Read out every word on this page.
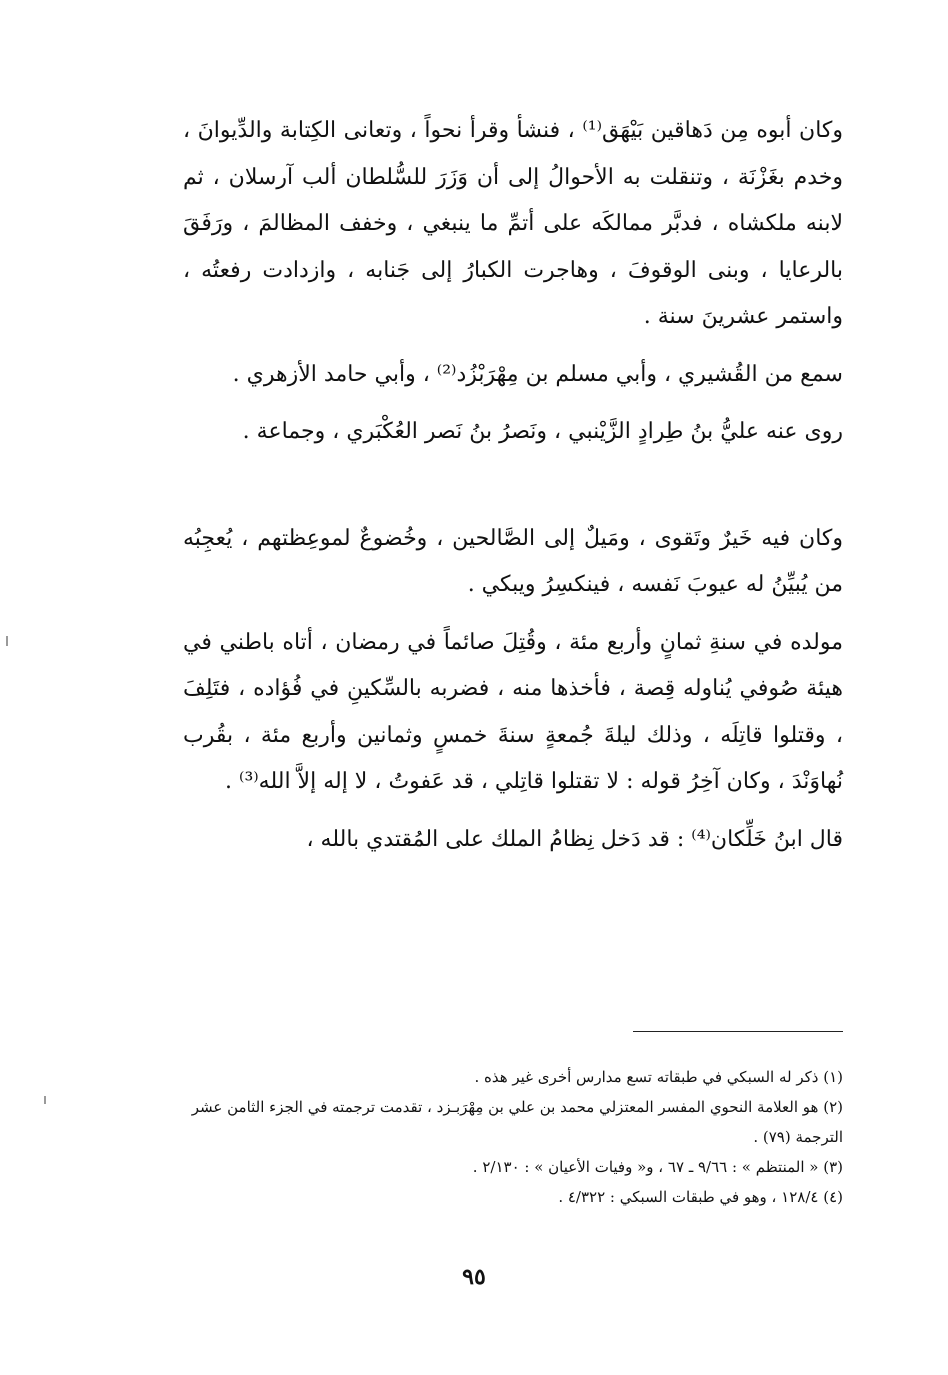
وكان أبوه مِن دَهاقين بَيْهَق⁽¹⁾ ، فنشأ وقرأ نحواً ، وتعانى الكِتابة والدِّيوانَ ، وخدم بغَزْنَة ، وتنقلت به الأحوالُ إلى أن وَزَرَ للسُّلطان ألب آرسلان ، ثم لابنه ملكشاه ، فدبَّر ممالكَه على أتمِّ ما ينبغي ، وخفف المظالمَ ، ورَفَقَ بالرعايا ، وبنى الوقوفَ ، وهاجرت الكبارُ إلى جَنابه ، وازدادت رفعتُه ، واستمر عشرينَ سنة .

سمع من القُشيري ، وأبي مسلم بن مِهْرَبْزُد⁽²⁾ ، وأبي حامد الأزهري .

روى عنه عليُّ بنُ طِرادٍ الزَّيْنبي ، ونَصرُ بنُ نَصر العُكْبَري ، وجماعة .

وكان فيه خَيرٌ وتَقوى ، ومَيلٌ إلى الصَّالحين ، وخُضوعٌ لموعِظتهم ، يُعجِبُه من يُبيِّنُ له عيوبَ نَفسه ، فينكسِرُ ويبكي .

مولده في سنةِ ثمانٍ وأربع مئة ، وقُتِلَ صائماً في رمضان ، أتاه باطني في هيئة صُوفي يُناوله قِصة ، فأخذها منه ، فضربه بالسِّكينِ في فُؤاده ، فتَلِفَ ، وقتلوا قاتِلَه ، وذلك ليلةَ جُمعةٍ سنةَ خمسٍ وثمانين وأربع مئة ، بقُرب نُهاوَنْدَ ، وكان آخِرُ قوله : لا تقتلوا قاتِلي ، قد عَفوتُ ، لا إله إلاَّ الله⁽³⁾ .

قال ابنُ خَلِّكان⁽⁴⁾ : قد دَخل نِظامُ الملك على المُقتدي بالله ،

(١) ذكر له السبكي في طبقاته تسع مدارس أخرى غير هذه .

(٢) هو العلامة النحوي المفسر المعتزلي محمد بن علي بن مِهْرَبـزد ، تقدمت ترجمته في الجزء الثامن عشر الترجمة (٧٩) .

(٣) « المنتظم » : ٩/٦٦ ـ ٦٧ ، و« وفيات الأعيان » : ٢/١٣٠ .

(٤) ١٢٨/٤ ، وهو في طبقات السبكي : ٤/٣٢٢ .

٩٥
